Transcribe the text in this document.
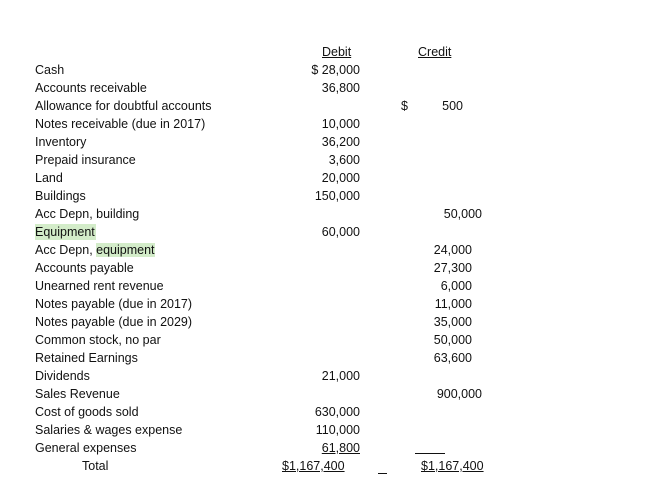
Debit	Credit
Cash
Accounts receivable
Allowance for doubtful accounts
Notes receivable (due in 2017)
Inventory
Prepaid insurance
Land
Buildings
Acc Depn, building
Equipment
Acc Depn, equipment
Accounts payable
Unearned rent revenue
Notes payable (due in 2017)
Notes payable (due in 2029)
Common stock, no par
Retained Earnings
Dividends
Sales Revenue
Cost of goods sold
Salaries & wages expense
General expenses
Total
$ 28,000
36,800
10,000
36,200
3,600
20,000
150,000
60,000
21,000
630,000
110,000
61,800
$1,167,400
$	500
50,000
24,000
27,300
6,000
11,000
35,000
50,000
63,600
900,000
$1,167,400
